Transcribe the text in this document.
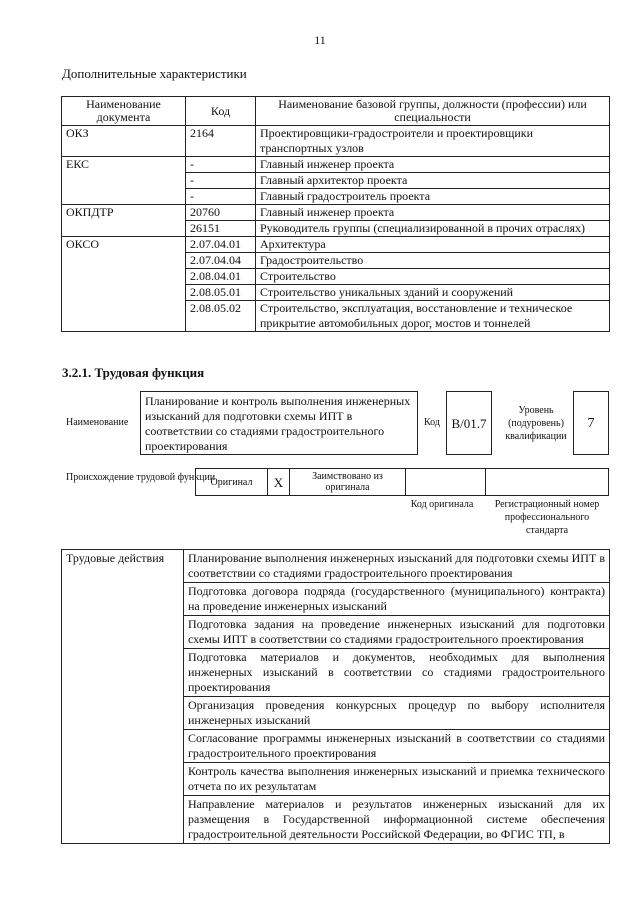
11
Дополнительные характеристики
Наименование документа	Код	Наименование базовой группы, должности (профессии) или специальности
ОКЗ	2164	Проектировщики-градостроители и проектировщики транспортных узлов
ЕКС	-	Главный инженер проекта
	-	Главный архитектор проекта
	-	Главный градостроитель проекта
ОКПДТР	20760	Главный инженер проекта
	26151	Руководитель группы (специализированной в прочих отраслях)
ОКСО	2.07.04.01	Архитектура
	2.07.04.04	Градостроительство
	2.08.04.01	Строительство
	2.08.05.01	Строительство уникальных зданий и сооружений
	2.08.05.02	Строительство, эксплуатация, восстановление и техническое прикрытие автомобильных дорог, мостов и тоннелей
3.2.1. Трудовая функция
Наименование
Планирование и контроль выполнения инженерных изысканий для подготовки схемы ИПТ в соответствии со стадиями градостроительного проектирования
Код В/01.7
Уровень (подуровень) квалификации
7
Происхождение трудовой функции
Оригинал	X	Заимствовано из оригинала		
Код оригинала	Регистрационный номер профессионального стандарта
Трудовые действия	Планирование выполнения инженерных изысканий для подготовки схемы ИПТ в соответствии со стадиями градостроительного проектирования
	Подготовка договора подряда (государственного (муниципального) контракта) на проведение инженерных изысканий
	Подготовка задания на проведение инженерных изысканий для подготовки схемы ИПТ в соответствии со стадиями градостроительного проектирования
	Подготовка материалов и документов, необходимых для выполнения инженерных изысканий в соответствии со стадиями градостроительного проектирования
	Организация проведения конкурсных процедур по выбору исполнителя инженерных изысканий
	Согласование программы инженерных изысканий в соответствии со стадиями градостроительного проектирования
	Контроль качества выполнения инженерных изысканий и приемка технического отчета по их результатам
	Направление материалов и результатов инженерных изысканий для их размещения в Государственной информационной системе обеспечения градостроительной деятельности Российской Федерации, во ФГИС ТП, в
